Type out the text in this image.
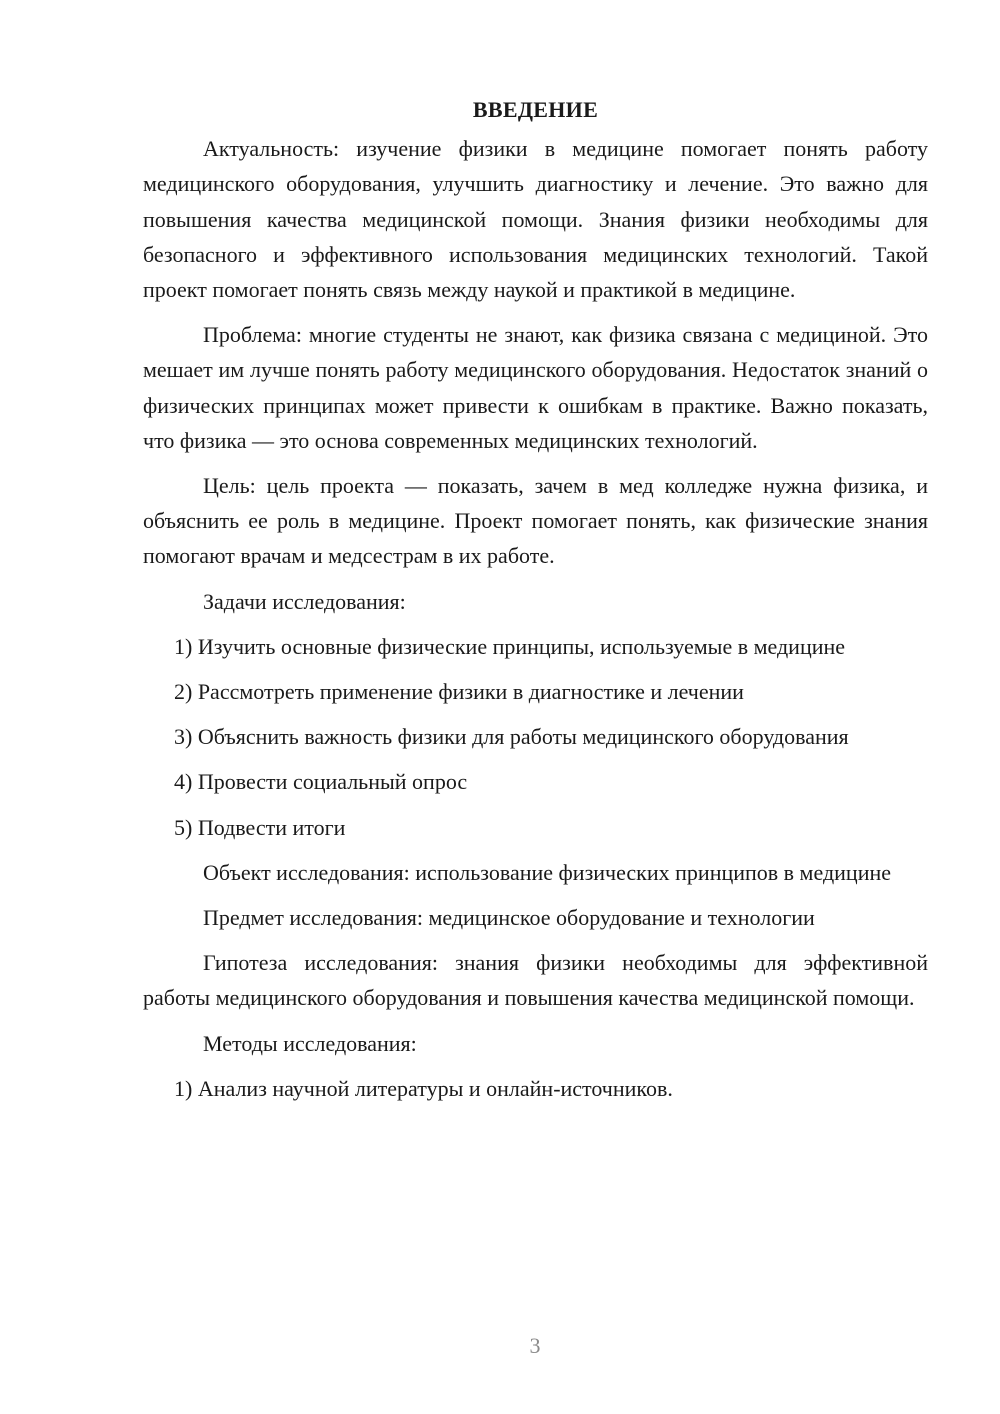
ВВЕДЕНИЕ

Актуальность: изучение физики в медицине помогает понять работу медицинского оборудования, улучшить диагностику и лечение. Это важно для повышения качества медицинской помощи. Знания физики необходимы для безопасного и эффективного использования медицинских технологий. Такой проект помогает понять связь между наукой и практикой в медицине.

Проблема: многие студенты не знают, как физика связана с медициной. Это мешает им лучше понять работу медицинского оборудования. Недостаток знаний о физических принципах может привести к ошибкам в практике. Важно показать, что физика — это основа современных медицинских технологий.

Цель: цель проекта — показать, зачем в мед колледже нужна физика, и объяснить ее роль в медицине. Проект помогает понять, как физические знания помогают врачам и медсестрам в их работе.

Задачи исследования:

1) Изучить основные физические принципы, используемые в медицине

2) Рассмотреть применение физики в диагностике и лечении

3) Объяснить важность физики для работы медицинского оборудования

4) Провести социальный опрос

5) Подвести итоги

Объект исследования: использование физических принципов в медицине

Предмет исследования: медицинское оборудование и технологии

Гипотеза исследования: знания физики необходимы для эффективной работы медицинского оборудования и повышения качества медицинской помощи.

Методы исследования:

1) Анализ научной литературы и онлайн-источников.

3
